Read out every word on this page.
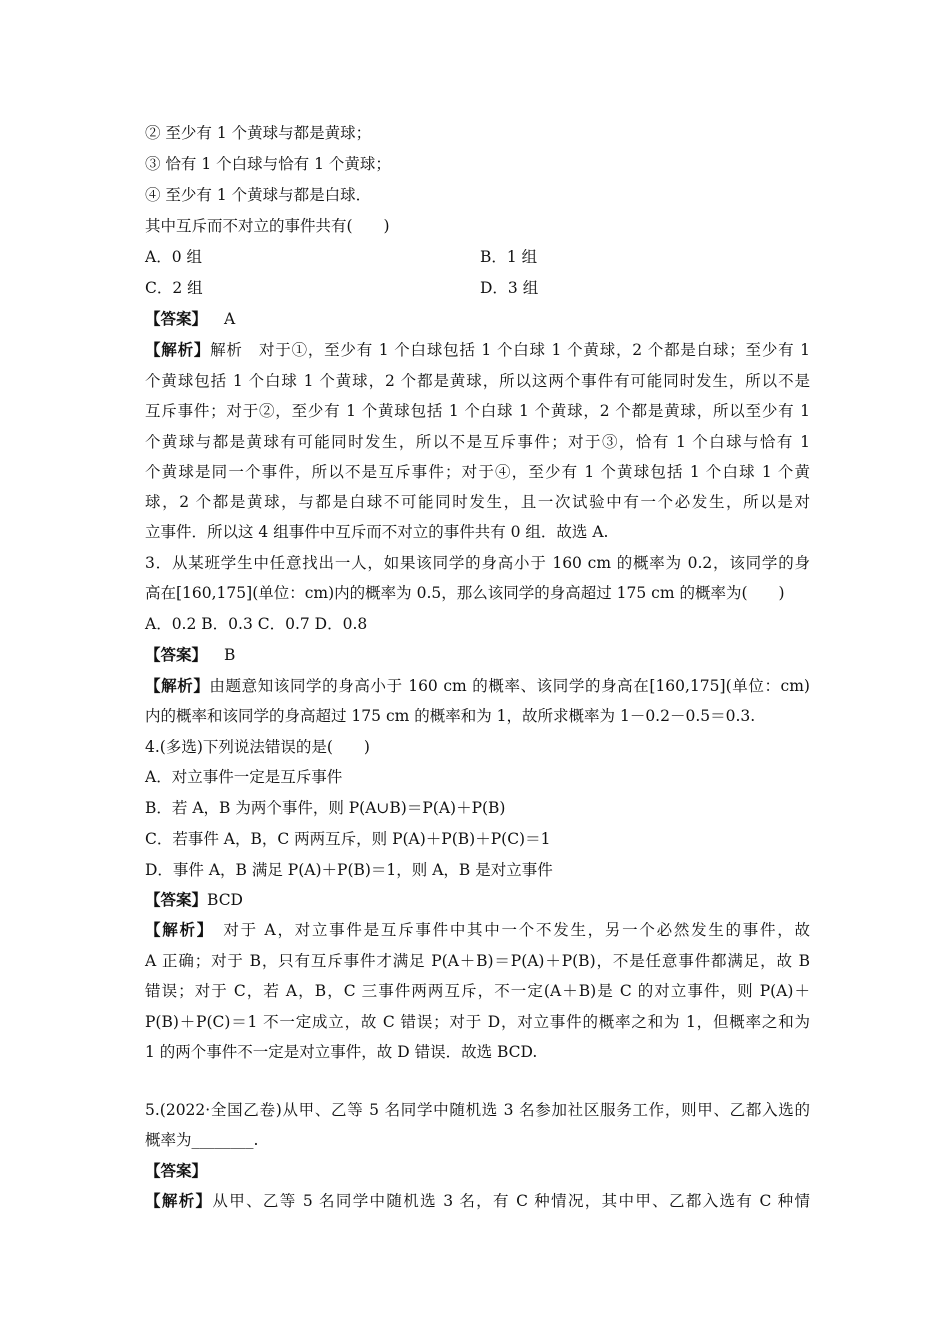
② 至少有 1 个黄球与都是黄球；
③ 恰有 1 个白球与恰有 1 个黄球；
④ 至少有 1 个黄球与都是白球．
其中互斥而不对立的事件共有(　　)
A．0 组	B．1 组
C．2 组	D．3 组
【答案】 A
【解析】解析　对于①，至少有 1 个白球包括 1 个白球 1 个黄球，2 个都是白球；至少有 1
个黄球包括 1 个白球 1 个黄球，2 个都是黄球，所以这两个事件有可能同时发生，所以不是
互斥事件；对于②，至少有 1 个黄球包括 1 个白球 1 个黄球，2 个都是黄球，所以至少有 1
个黄球与都是黄球有可能同时发生，所以不是互斥事件；对于③，恰有 1 个白球与恰有 1
个黄球是同一个事件，所以不是互斥事件；对于④，至少有 1 个黄球包括 1 个白球 1 个黄
球，2 个都是黄球，与都是白球不可能同时发生，且一次试验中有一个必发生，所以是对
立事件．所以这 4 组事件中互斥而不对立的事件共有 0 组．故选 A.
3．从某班学生中任意找出一人，如果该同学的身高小于 160 cm 的概率为 0.2，该同学的身
高在[160,175](单位：cm)内的概率为 0.5，那么该同学的身高超过 175 cm 的概率为(　　)
A．0.2 B．0.3 C．0.7 D．0.8
【答案】 B
【解析】由题意知该同学的身高小于 160 cm 的概率、该同学的身高在[160,175](单位：cm)
内的概率和该同学的身高超过 175 cm 的概率和为 1，故所求概率为 1－0.2－0.5＝0.3.
4.(多选)下列说法错误的是(　　)
A．对立事件一定是互斥事件
B．若 A，B 为两个事件，则 P(A∪B)＝P(A)＋P(B)
C．若事件 A，B，C 两两互斥，则 P(A)＋P(B)＋P(C)＝1
D．事件 A，B 满足 P(A)＋P(B)＝1，则 A，B 是对立事件
【答案】BCD
【解析】　对于 A，对立事件是互斥事件中其中一个不发生，另一个必然发生的事件，故
A 正确；对于 B，只有互斥事件才满足 P(A＋B)＝P(A)＋P(B)，不是任意事件都满足，故 B
错误；对于 C，若 A，B，C 三事件两两互斥，不一定(A＋B)是 C 的对立事件，则 P(A)＋
P(B)＋P(C)＝1 不一定成立，故 C 错误；对于 D，对立事件的概率之和为 1，但概率之和为
1 的两个事件不一定是对立事件，故 D 错误．故选 BCD.
5.(2022·全国乙卷)从甲、乙等 5 名同学中随机选 3 名参加社区服务工作，则甲、乙都入选的
概率为________.
【答案】
【解析】从甲、乙等 5 名同学中随机选 3 名，有 C 种情况，其中甲、乙都入选有 C 种情
